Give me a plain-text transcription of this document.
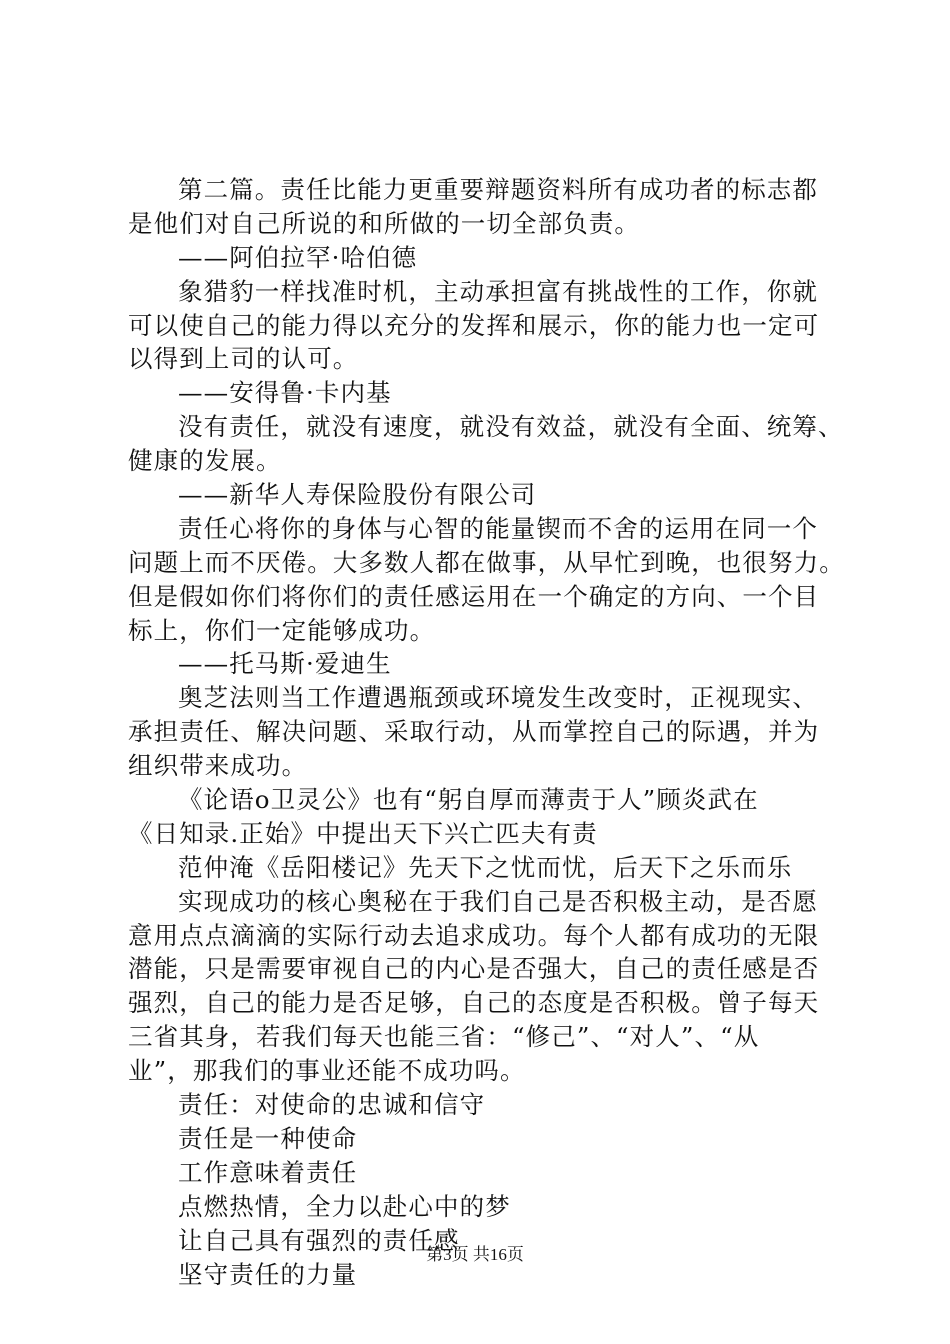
第二篇。责任比能力更重要辩题资料所有成功者的标志都
是他们对自己所说的和所做的一切全部负责。
——阿伯拉罕·哈伯德
象猎豹一样找准时机，主动承担富有挑战性的工作，你就
可以使自己的能力得以充分的发挥和展示，你的能力也一定可
以得到上司的认可。
——安得鲁·卡内基
没有责任，就没有速度，就没有效益，就没有全面、统筹、
健康的发展。
——新华人寿保险股份有限公司
责任心将你的身体与心智的能量锲而不舍的运用在同一个
问题上而不厌倦。大多数人都在做事，从早忙到晚，也很努力。
但是假如你们将你们的责任感运用在一个确定的方向、一个目
标上，你们一定能够成功。
——托马斯·爱迪生
奥芝法则当工作遭遇瓶颈或环境发生改变时，正视现实、
承担责任、解决问题、采取行动，从而掌控自己的际遇，并为
组织带来成功。
《论语ο卫灵公》也有“躬自厚而薄责于人”顾炎武在
《日知录.正始》中提出天下兴亡匹夫有责
范仲淹《岳阳楼记》先天下之忧而忧，后天下之乐而乐
实现成功的核心奥秘在于我们自己是否积极主动，是否愿
意用点点滴滴的实际行动去追求成功。每个人都有成功的无限
潜能，只是需要审视自己的内心是否强大，自己的责任感是否
强烈，自己的能力是否足够，自己的态度是否积极。曾子每天
三省其身，若我们每天也能三省：“修己”、“对人”、“从
业”，那我们的事业还能不成功吗。
责任：对使命的忠诚和信守
责任是一种使命
工作意味着责任
点燃热情，全力以赴心中的梦
让自己具有强烈的责任感
坚守责任的力量
第3页 共16页
